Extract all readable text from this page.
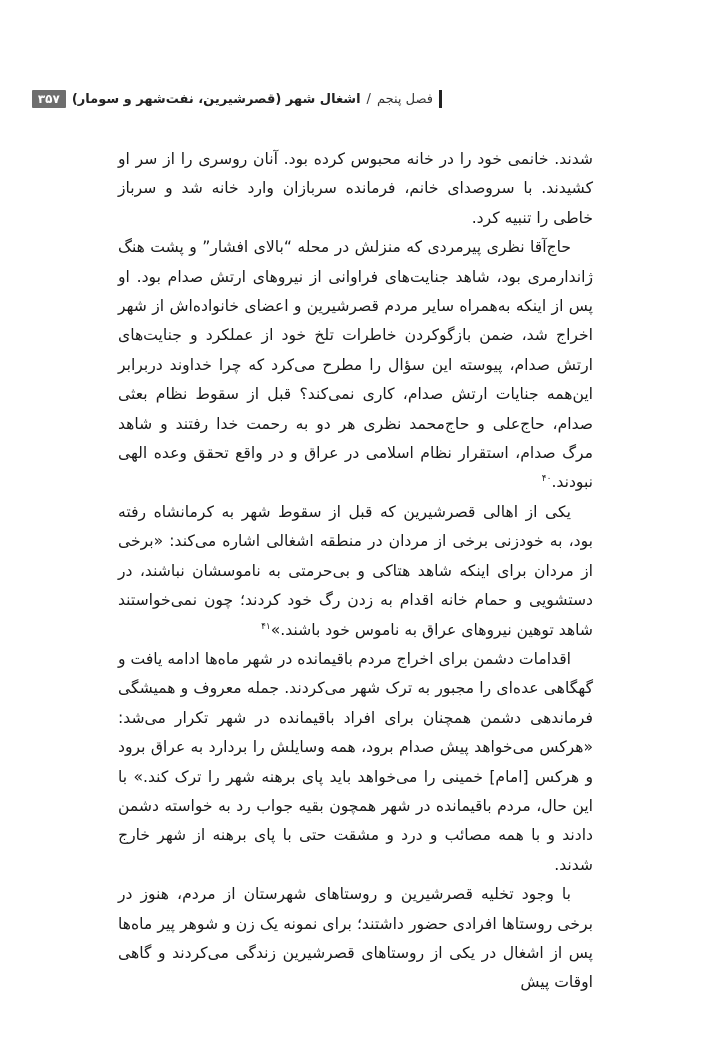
فصل پنجم
/
اشغال شهر (قصرشیرین، نفت‌شهر و سومار)
۳۵۷

شدند. خانمی خود را در خانه محبوس کرده بود. آنان روسری را از سر او کشیدند. با سروصدای خانم، فرمانده سربازان وارد خانه شد و سرباز خاطی را تنبیه کرد.

حاج‌آقا نظری پیرمردی که منزلش در محله “بالای افشار” و پشت هنگ ژاندارمری بود، شاهد جنایت‌های فراوانی از نیروهای ارتش صدام بود. او پس از اینکه به‌همراه سایر مردم قصرشیرین و اعضای خانواده‌اش از شهر اخراج شد، ضمن بازگوکردن خاطرات تلخ خود از عملکرد و جنایت‌های ارتش صدام، پیوسته این سؤال را مطرح می‌کرد که چرا خداوند دربرابر این‌همه جنایات ارتش صدام، کاری نمی‌کند؟ قبل از سقوط نظام بعثی صدام، حاج‌علی و حاج‌محمد نظری هر دو به رحمت خدا رفتند و شاهد مرگ صدام، استقرار نظام اسلامی در عراق و در واقع تحقق وعده الهی نبودند.$^{۴۰}$

یکی از اهالی قصرشیرین که قبل از سقوط شهر به کرمانشاه رفته بود، به خودزنی برخی از مردان در منطقه اشغالی اشاره می‌کند: «برخی از مردان برای اینکه شاهد هتاکی و بی‌حرمتی به ناموسشان نباشند، در دستشویی و حمام خانه اقدام به زدن رگ خود کردند؛ چون نمی‌خواستند شاهد توهین نیروهای عراق به ناموس خود باشند.»$^{۴۱}$

اقدامات دشمن برای اخراج مردم باقیمانده در شهر ماه‌ها ادامه یافت و گهگاهی عده‌ای را مجبور به ترک شهر می‌کردند. جمله معروف و همیشگی فرماندهی دشمن همچنان برای افراد باقیمانده در شهر تکرار می‌شد: «هرکس می‌خواهد پیش صدام برود، همه وسایلش را بردارد به عراق برود و هرکس [امام] خمینی را می‌خواهد باید پای برهنه شهر را ترک کند.» با این حال، مردم باقیمانده در شهر همچون بقیه جواب رد به خواسته دشمن دادند و با همه مصائب و درد و مشقت حتی با پای برهنه از شهر خارج شدند.

با وجود تخلیه قصرشیرین و روستاهای شهرستان از مردم، هنوز در برخی روستاها افرادی حضور داشتند؛ برای نمونه یک زن و شوهر پیر ماه‌ها پس از اشغال در یکی از روستاهای قصرشیرین زندگی می‌کردند و گاهی اوقات پیش
